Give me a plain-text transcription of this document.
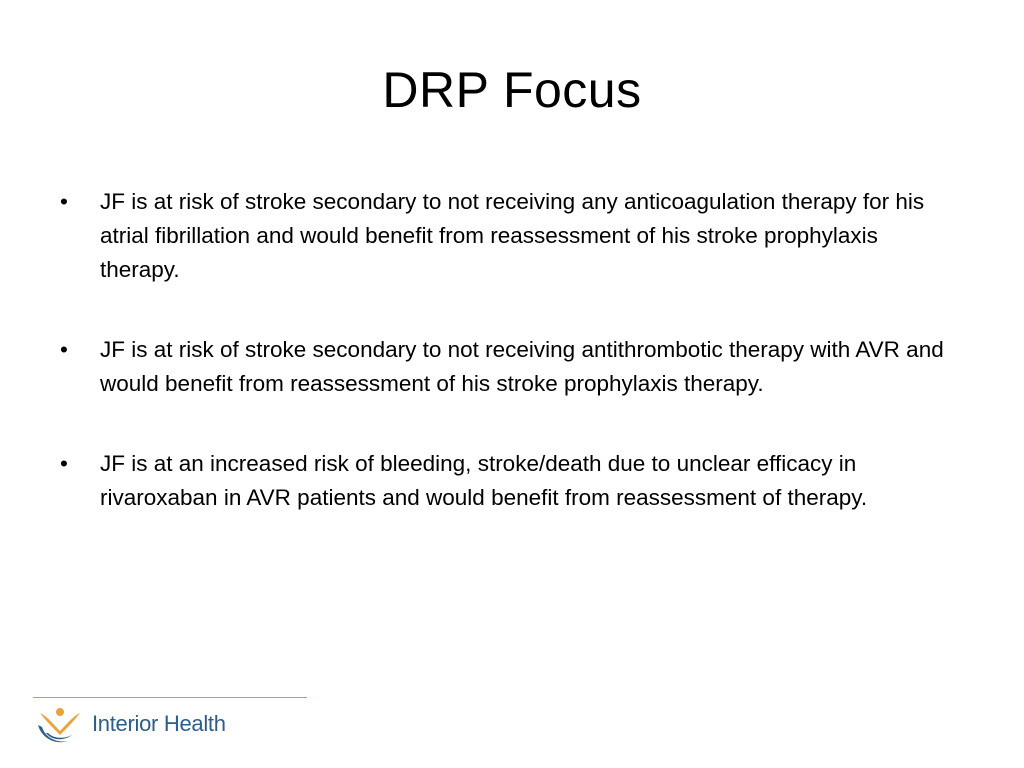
DRP Focus
•	JF is at risk of stroke secondary to not receiving any anticoagulation therapy for his atrial fibrillation and would benefit from reassessment of his stroke prophylaxis therapy.
•	JF is at risk of stroke secondary to not receiving antithrombotic therapy with AVR and would benefit from reassessment of his stroke prophylaxis therapy.
•	JF is at an increased risk of bleeding, stroke/death due to unclear efficacy in rivaroxaban in AVR patients and would benefit from reassessment of therapy.
Interior Health
